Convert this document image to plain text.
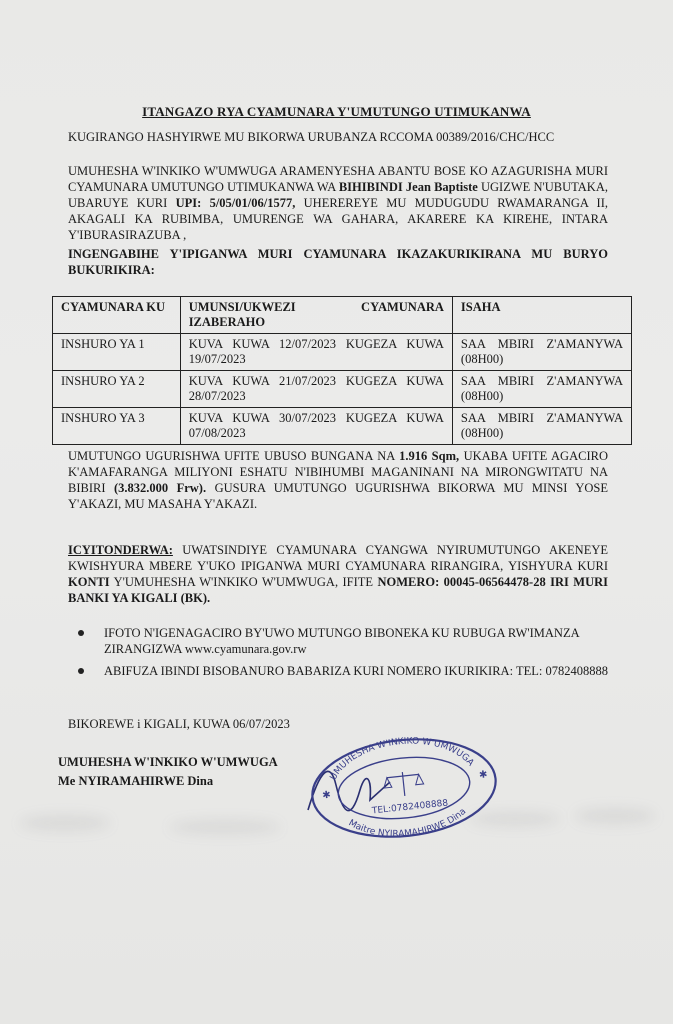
ITANGAZO RYA CYAMUNARA Y'UMUTUNGO UTIMUKANWA
KUGIRANGO HASHYIRWE MU BIKORWA URUBANZA RCCOMA 00389/2016/CHC/HCC
UMUHESHA W'INKIKO W'UMWUGA ARAMENYESHA ABANTU BOSE KO AZAGURISHA MURI CYAMUNARA UMUTUNGO UTIMUKANWA WA BIHIBINDI Jean Baptiste UGIZWE N'UBUTAKA, UBARUYE KURI UPI: 5/05/01/06/1577, UHEREREYE MU MUDUGUDU RWAMARANGA II, AKAGALI KA RUBIMBA, UMURENGE WA GAHARA, AKARERE KA KIREHE, INTARA Y'IBURASIRAZUBA ,
INGENGABIHE Y'IPIGANWA MURI CYAMUNARA IKAZAKURIKIRANA MU BURYO BUKURIKIRA:
CYAMUNARA KU	UMUNSI/UKWEZI CYAMUNARA IZABERAHO	ISAHA
INSHURO YA 1	KUVA KUWA 12/07/2023 KUGEZA KUWA 19/07/2023	SAA MBIRI Z'AMANYWA (08H00)
INSHURO YA 2	KUVA KUWA 21/07/2023 KUGEZA KUWA 28/07/2023	SAA MBIRI Z'AMANYWA (08H00)
INSHURO YA 3	KUVA KUWA 30/07/2023 KUGEZA KUWA 07/08/2023	SAA MBIRI Z'AMANYWA (08H00)
UMUTUNGO UGURISHWA UFITE UBUSO BUNGANA NA 1.916 Sqm, UKABA UFITE AGACIRO K'AMAFARANGA MILIYONI ESHATU N'IBIHUMBI MAGANINANI NA MIRONGWITATU NA BIBIRI (3.832.000 Frw). GUSURA UMUTUNGO UGURISHWA BIKORWA MU MINSI YOSE Y'AKAZI, MU MASAHA Y'AKAZI.
ICYITONDERWA: UWATSINDIYE CYAMUNARA CYANGWA NYIRUMUTUNGO AKENEYE KWISHYURA MBERE Y'UKO IPIGANWA MURI CYAMUNARA RIRANGIRA, YISHYURA KURI KONTI Y'UMUHESHA W'INKIKO W'UMWUGA, IFITE NOMERO: 00045-06564478-28 IRI MURI BANKI YA KIGALI (BK).
IFOTO N'IGENAGACIRO BY'UWO MUTUNGO BIBONEKA KU RUBUGA RW'IMANZA ZIRANGIZWA www.cyamunara.gov.rw
ABIFUZA IBINDI BISOBANURO BABARIZA KURI NOMERO IKURIKIRA: TEL: 0782408888
BIKOREWE i KIGALI, KUWA 06/07/2023
UMUHESHA W'INKIKO W'UMWUGA
Me NYIRAMAHIRWE Dina	UMUHESHA W'INKIKO W'UMWUGA
Maitre NYIRAMAHIRWE Dina
TEL:0782408888
✱
✱
